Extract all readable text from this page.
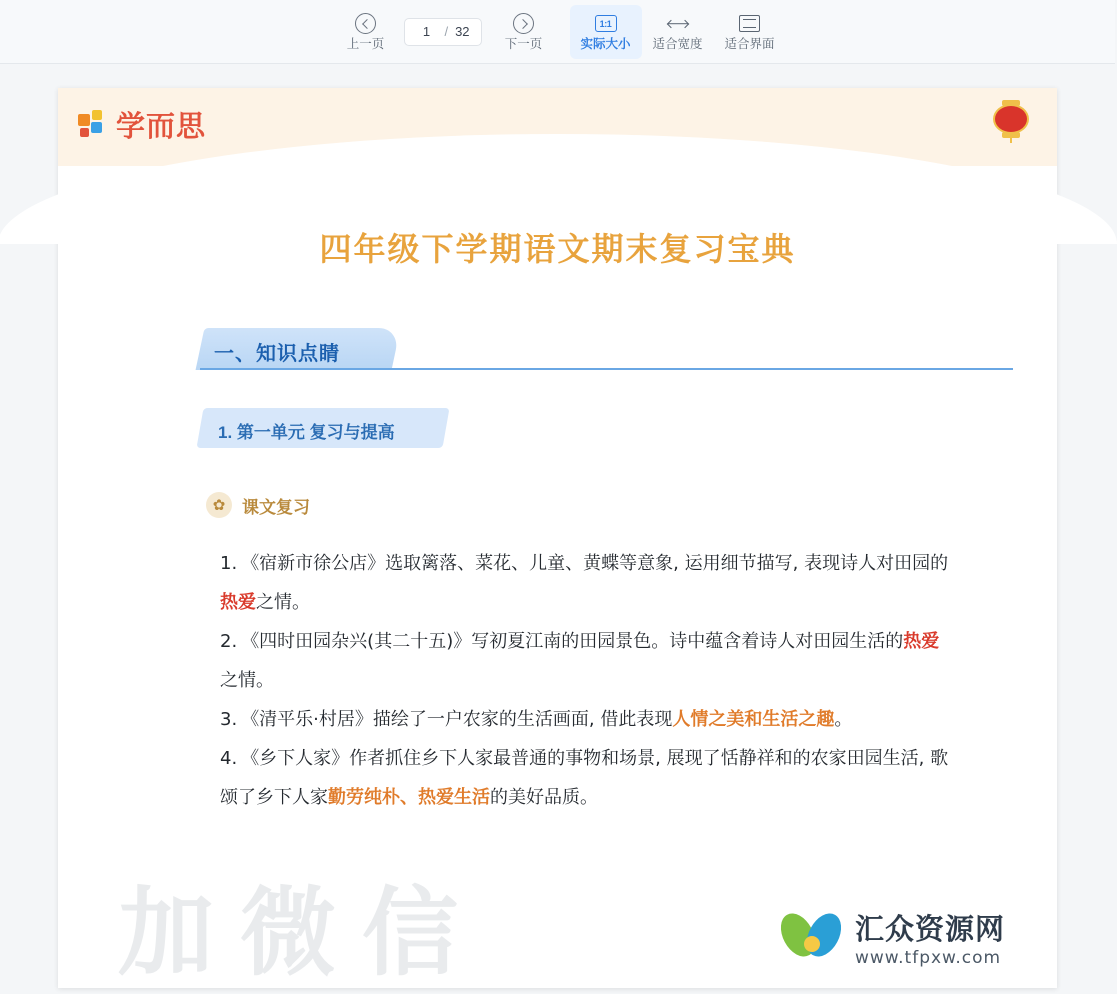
上一页
1	/ 32
下一页
1:1
实际大小 适合宽度 适合界面
学而思
四年级下学期语文期末复习宝典
一、知识点睛
1. 第一单元 复习与提高
✿ 课文复习
1. 《宿新市徐公店》选取篱落、菜花、儿童、黄蝶等意象, 运用细节描写, 表现诗人对田园的热爱之情。
2. 《四时田园杂兴(其二十五)》写初夏江南的田园景色。诗中蕴含着诗人对田园生活的热爱之情。
3. 《清平乐·村居》描绘了一户农家的生活画面, 借此表现人情之美和生活之趣。
4. 《乡下人家》作者抓住乡下人家最普通的事物和场景, 展现了恬静祥和的农家田园生活, 歌颂了乡下人家勤劳纯朴、热爱生活的美好品质。
加微信	汇众资源网
www.tfpxw.com
